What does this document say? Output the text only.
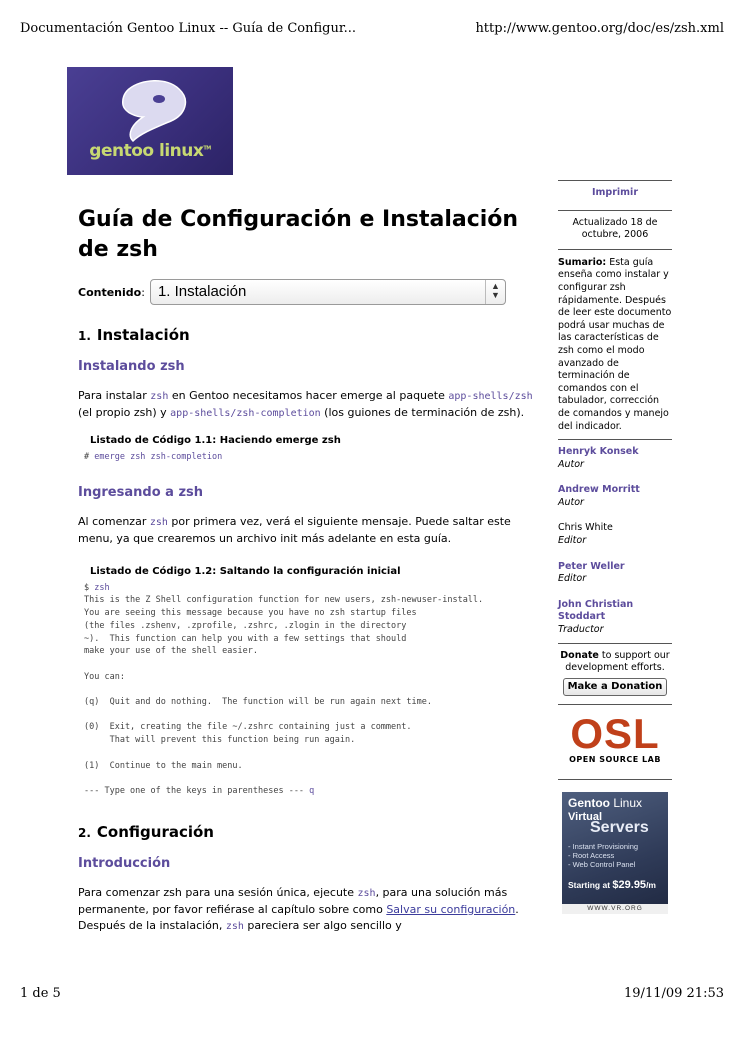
Documentación Gentoo Linux -- Guía de Configur...	http://www.gentoo.org/doc/es/zsh.xml
gentoo linux™
Guía de Configuración e Instalación de zsh
Contenido: 1. Instalación	▲
▼
1. Instalación
Instalando zsh

Para instalar zsh en Gentoo necesitamos hacer emerge al paquete app-shells/zsh (el propio zsh) y app-shells/zsh-completion (los guiones de terminación de zsh).

Listado de Código 1.1: Haciendo emerge zsh
# emerge zsh zsh-completion
Ingresando a zsh

Al comenzar zsh por primera vez, verá el siguiente mensaje. Puede saltar este menu, ya que crearemos un archivo init más adelante en esta guía.

Listado de Código 1.2: Saltando la configuración inicial
$ zsh
This is the Z Shell configuration function for new users, zsh-newuser-install.
You are seeing this message because you have no zsh startup files
(the files .zshenv, .zprofile, .zshrc, .zlogin in the directory
~).  This function can help you with a few settings that should
make your use of the shell easier.

You can:

(q)  Quit and do nothing.  The function will be run again next time.

(0)  Exit, creating the file ~/.zshrc containing just a comment.
That will prevent this function being run again.

(1)  Continue to the main menu.

--- Type one of the keys in parentheses --- q
2. Configuración
Introducción

Para comenzar zsh para una sesión única, ejecute zsh, para una solución más permanente, por favor refiérase al capítulo sobre como Salvar su configuración. Después de la instalación, zsh pareciera ser algo sencillo y

Imprimir
Actualizado 18 de octubre, 2006
Sumario: Esta guía enseña como instalar y configurar zsh rápidamente. Después de leer este documento podrá usar muchas de las características de zsh como el modo avanzado de terminación de comandos con el tabulador, corrección de comandos y manejo del indicador.
Henryk Konsek
Autor
Andrew Morritt
Autor
Chris White
Editor
Peter Weller
Editor
John Christian Stoddart
Traductor
Donate to support our development efforts.
Make a Donation
OSL
OPEN SOURCE LAB
Gentoo Linux
Virtual
Servers
- Instant Provisioning
- Root Access
- Web Control Panel
Starting at $29.95/m
WWW.VR.ORG
1 de 5	19/11/09 21:53
